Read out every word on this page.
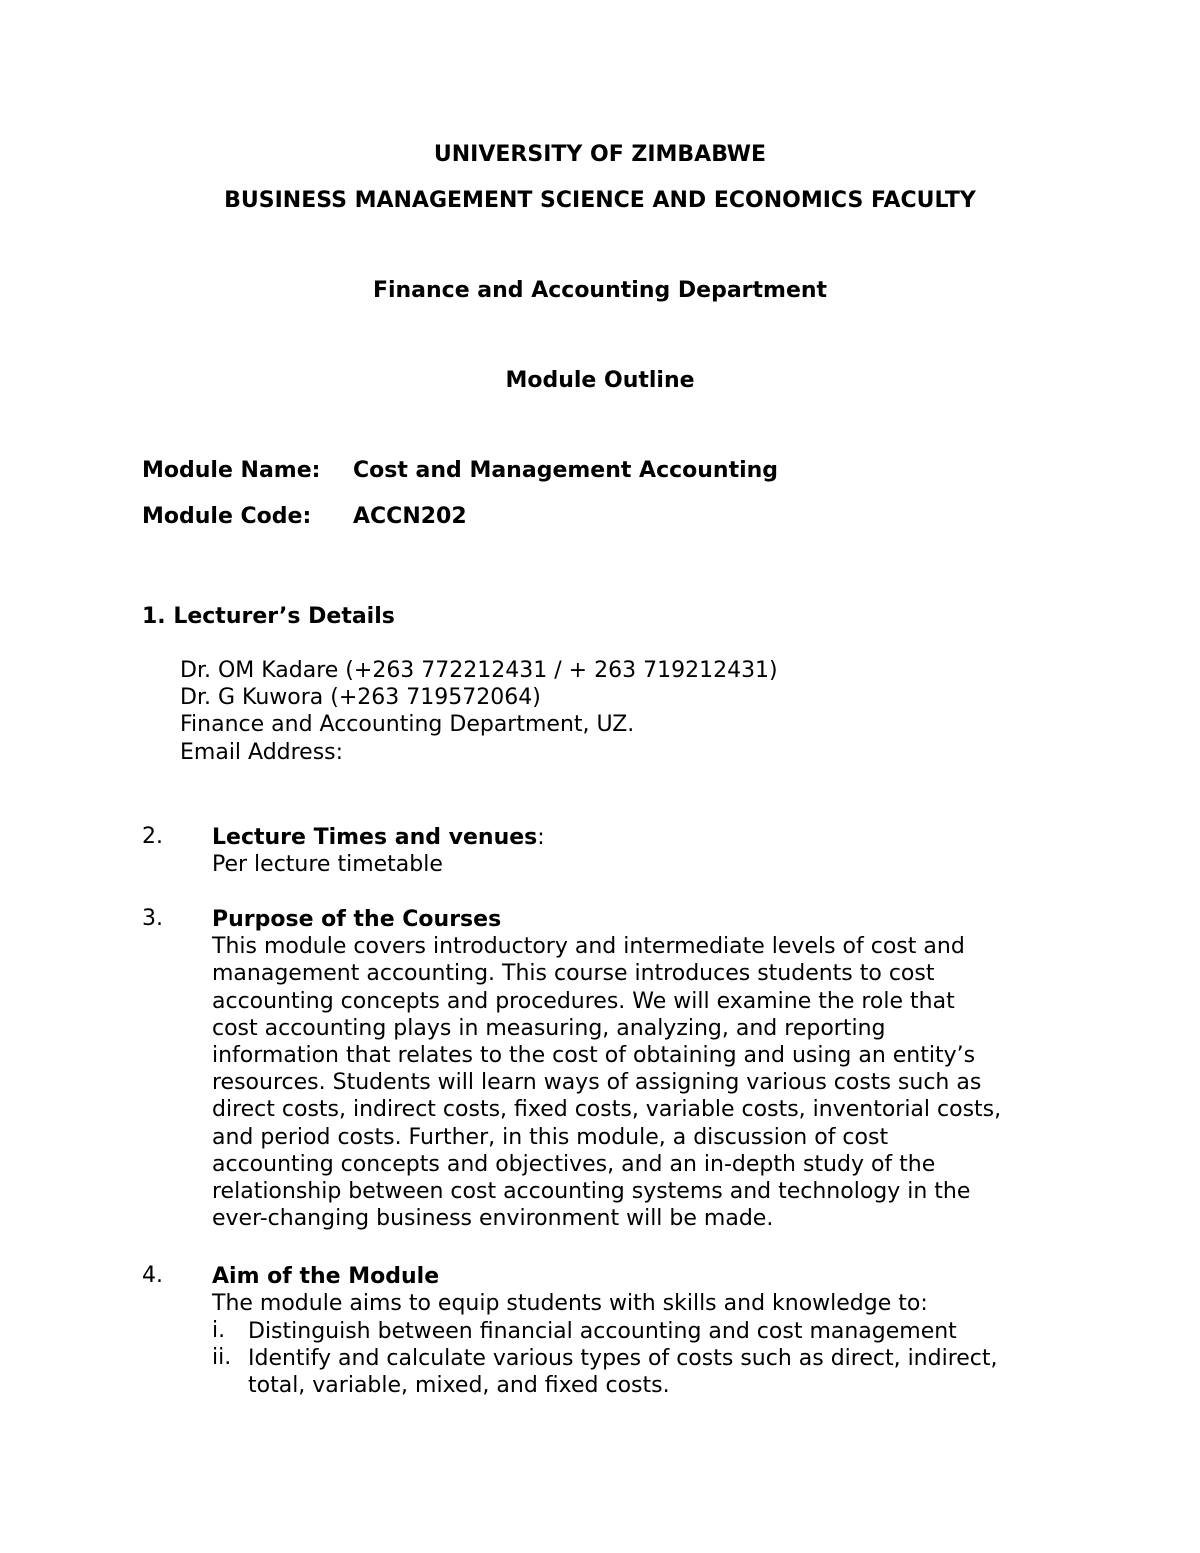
UNIVERSITY OF ZIMBABWE
BUSINESS MANAGEMENT SCIENCE AND ECONOMICS FACULTY
Finance and Accounting Department
Module Outline
Module Name: Cost and Management Accounting
Module Code: ACCN202
1. Lecturer’s Details
Dr. OM Kadare (+263 772212431 / + 263 719212431)
Dr. G Kuwora (+263 719572064)
Finance and Accounting Department, UZ.
Email Address:
2. Lecture Times and venues:
Per lecture timetable
3. Purpose of the Courses
This module covers introductory and intermediate levels of cost and
management accounting. This course introduces students to cost
accounting concepts and procedures. We will examine the role that
cost accounting plays in measuring, analyzing, and reporting
information that relates to the cost of obtaining and using an entity’s
resources. Students will learn ways of assigning various costs such as
direct costs, indirect costs, fixed costs, variable costs, inventorial costs,
and period costs. Further, in this module, a discussion of cost
accounting concepts and objectives, and an in-depth study of the
relationship between cost accounting systems and technology in the
ever-changing business environment will be made.
4. Aim of the Module
The module aims to equip students with skills and knowledge to:
i. Distinguish between financial accounting and cost management
ii. Identify and calculate various types of costs such as direct, indirect,
total, variable, mixed, and fixed costs.
